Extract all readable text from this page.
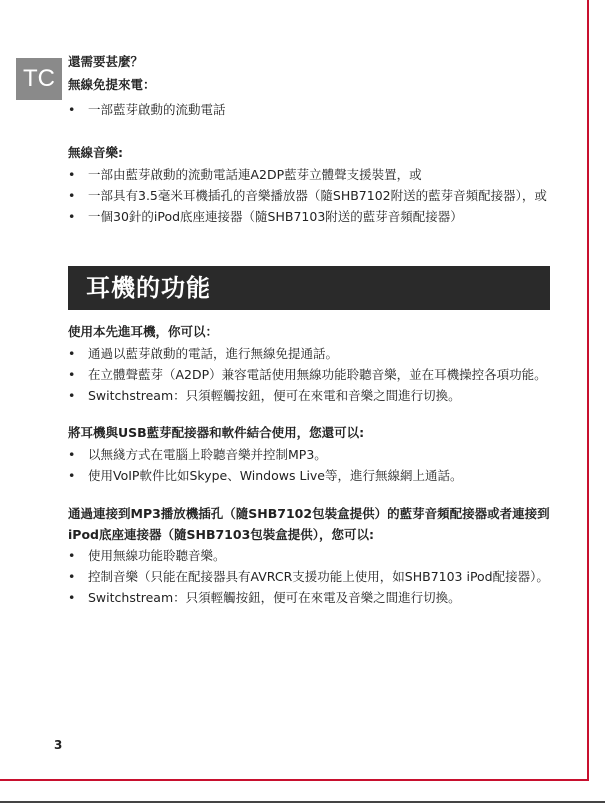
TC
還需要甚麼？
無線免提來電：
• 一部藍芽啟動的流動電話
無線音樂:
• 一部由藍芽啟動的流動電話連A2DP藍芽立體聲支援裝置，或
• 一部具有3.5毫米耳機插孔的音樂播放器（隨SHB7102附送的藍芽音頻配接器），或
• 一個30針的iPod底座連接器（隨SHB7103附送的藍芽音頻配接器）
耳機的功能
使用本先進耳機，你可以：
• 通過以藍芽啟動的電話，進行無線免提通話。
• 在立體聲藍芽（A2DP）兼容電話使用無線功能聆聽音樂，並在耳機操控各項功能。
• Switchstream：只須輕觸按鈕，便可在來電和音樂之間進行切換。
將耳機與USB藍芽配接器和軟件結合使用，您還可以:
• 以無綫方式在電腦上聆聽音樂并控制MP3。
• 使用VoIP軟件比如Skype、Windows Live等，進行無線網上通話。
通過連接到MP3播放機插孔（隨SHB7102包裝盒提供）的藍芽音頻配接器或者連接到iPod底座連接器（隨SHB7103包裝盒提供），您可以:
• 使用無線功能聆聽音樂。
• 控制音樂（只能在配接器具有AVRCR支援功能上使用，如SHB7103 iPod配接器）。
• Switchstream：只須輕觸按鈕，便可在來電及音樂之間進行切換。
3
